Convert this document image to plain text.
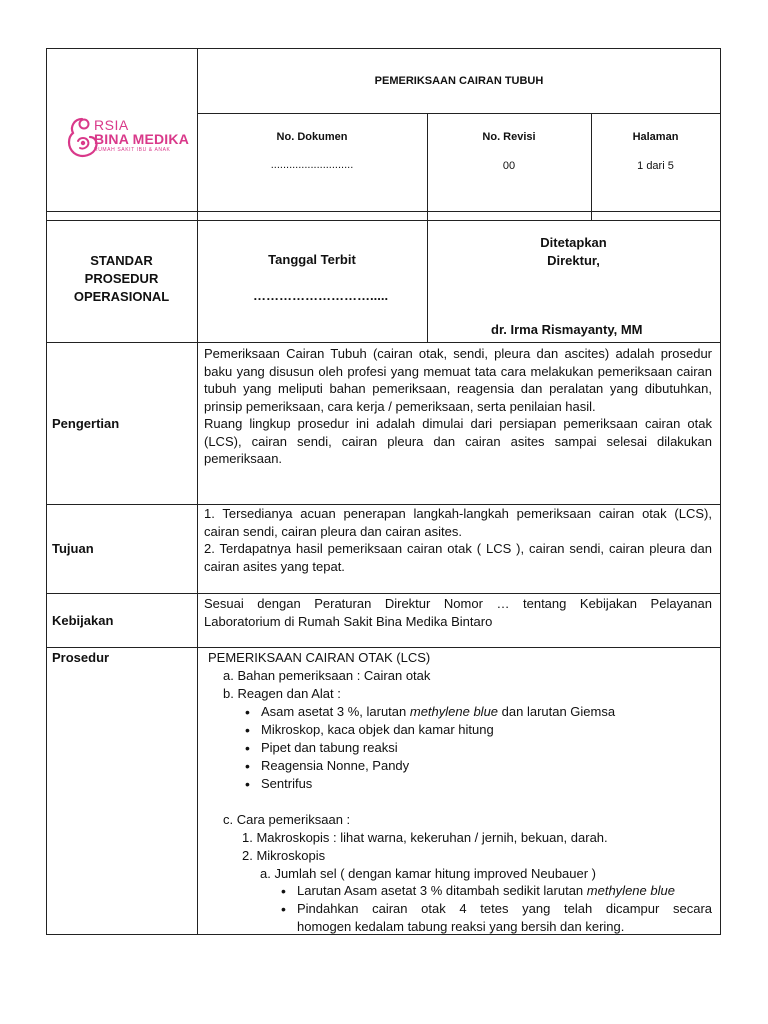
RSIA
BINA MEDIKA
RUMAH SAKIT IBU & ANAK
PEMERIKSAAN CAIRAN TUBUH
No. Dokumen
...........................
No. Revisi
00
Halaman
1 dari 5
STANDAR
PROSEDUR
OPERASIONAL
Tanggal Terbit
……………………….....
Ditetapkan
Direktur,
dr. Irma Rismayanty, MM
Pengertian

Pemeriksaan Cairan Tubuh (cairan otak, sendi, pleura dan ascites) adalah prosedur baku yang disusun oleh profesi yang memuat tata cara melakukan pemeriksaan cairan tubuh yang meliputi bahan pemeriksaan, reagensia dan peralatan yang dibutuhkan, prinsip pemeriksaan, cara kerja / pemeriksaan, serta penilaian hasil.

Ruang lingkup prosedur ini adalah dimulai dari persiapan pemeriksaan cairan otak (LCS), cairan sendi, cairan pleura dan cairan asites sampai selesai dilakukan pemeriksaan.

Tujuan

1. Tersedianya acuan penerapan langkah-langkah pemeriksaan cairan otak (LCS), cairan sendi, cairan pleura dan cairan asites.

2. Terdapatnya hasil pemeriksaan cairan otak ( LCS ), cairan sendi, cairan pleura dan cairan asites yang tepat.

Kebijakan

Sesuai dengan Peraturan Direktur Nomor … tentang Kebijakan Pelayanan Laboratorium di Rumah Sakit Bina Medika Bintaro

Prosedur	PEMERIKSAAN CAIRAN OTAK (LCS)
a. Bahan pemeriksaan : Cairan otak
b. Reagen dan Alat :
• Asam asetat 3 %, larutan methylene blue dan larutan Giemsa
• Mikroskop, kaca objek dan kamar hitung
• Pipet dan tabung reaksi
• Reagensia Nonne, Pandy
• Sentrifus
c. Cara pemeriksaan :
1. Makroskopis : lihat warna, kekeruhan / jernih, bekuan, darah.
2. Mikroskopis
a. Jumlah sel ( dengan kamar hitung improved Neubauer )
• Larutan Asam asetat 3 % ditambah sedikit larutan methylene blue
• Pindahkan cairan otak 4 tetes yang telah dicampur secara
homogen kedalam tabung reaksi yang bersih dan kering.
